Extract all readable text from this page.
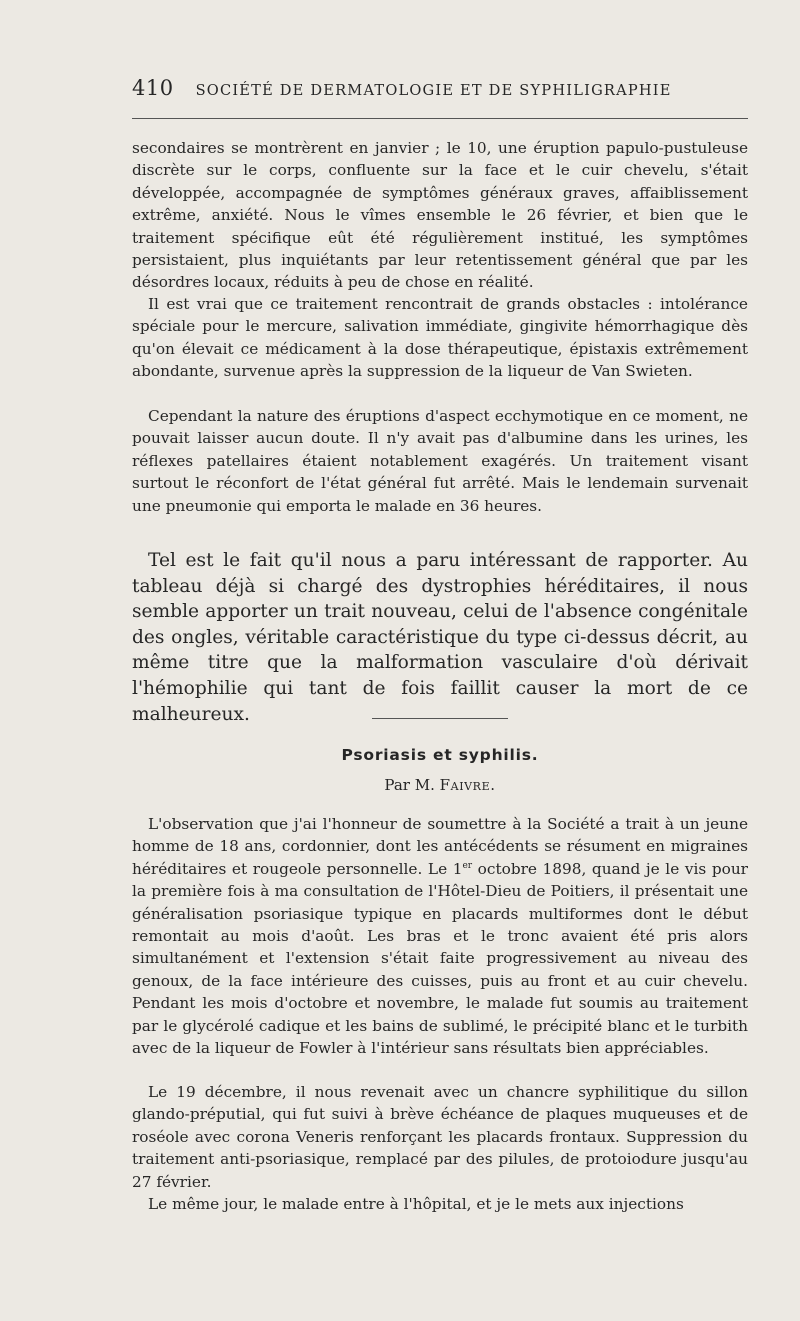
410 SOCIÉTÉ DE DERMATOLOGIE ET DE SYPHILIGRAPHIE

secondaires se montrèrent en janvier ; le 10, une éruption papulo-pustuleuse discrète sur le corps, confluente sur la face et le cuir chevelu, s'était développée, accompagnée de symptômes généraux graves, affaiblissement extrême, anxiété. Nous le vîmes ensemble le 26 février, et bien que le traitement spécifique eût été régulièrement institué, les symptômes persistaient, plus inquiétants par leur retentissement général que par les désordres locaux, réduits à peu de chose en réalité.

Il est vrai que ce traitement rencontrait de grands obstacles : intolérance spéciale pour le mercure, salivation immédiate, gingivite hémorrhagique dès qu'on élevait ce médicament à la dose thérapeutique, épistaxis extrêmement abondante, survenue après la suppression de la liqueur de Van Swieten.

Cependant la nature des éruptions d'aspect ecchymotique en ce moment, ne pouvait laisser aucun doute. Il n'y avait pas d'albumine dans les urines, les réflexes patellaires étaient notablement exagérés. Un traitement visant surtout le réconfort de l'état général fut arrêté. Mais le lendemain survenait une pneumonie qui emporta le malade en 36 heures.

Tel est le fait qu'il nous a paru intéressant de rapporter. Au tableau déjà si chargé des dystrophies héréditaires, il nous semble apporter un trait nouveau, celui de l'absence congénitale des ongles, véritable caractéristique du type ci-dessus décrit, au même titre que la malformation vasculaire d'où dérivait l'hémophilie qui tant de fois faillit causer la mort de ce malheureux.

Psoriasis et syphilis.

Par M. Faivre.

L'observation que j'ai l'honneur de soumettre à la Société a trait à un jeune homme de 18 ans, cordonnier, dont les antécédents se résument en migraines héréditaires et rougeole personnelle. Le 1er octobre 1898, quand je le vis pour la première fois à ma consultation de l'Hôtel-Dieu de Poitiers, il présentait une généralisation psoriasique typique en placards multiformes dont le début remontait au mois d'août. Les bras et le tronc avaient été pris alors simultanément et l'extension s'était faite progressivement au niveau des genoux, de la face intérieure des cuisses, puis au front et au cuir chevelu. Pendant les mois d'octobre et novembre, le malade fut soumis au traitement par le glycérolé cadique et les bains de sublimé, le précipité blanc et le turbith avec de la liqueur de Fowler à l'intérieur sans résultats bien appréciables.

Le 19 décembre, il nous revenait avec un chancre syphilitique du sillon glando-préputial, qui fut suivi à brève échéance de plaques muqueuses et de roséole avec corona Veneris renforçant les placards frontaux. Suppression du traitement anti-psoriasique, remplacé par des pilules, de protoiodure jusqu'au 27 février.

Le même jour, le malade entre à l'hôpital, et je le mets aux injections
